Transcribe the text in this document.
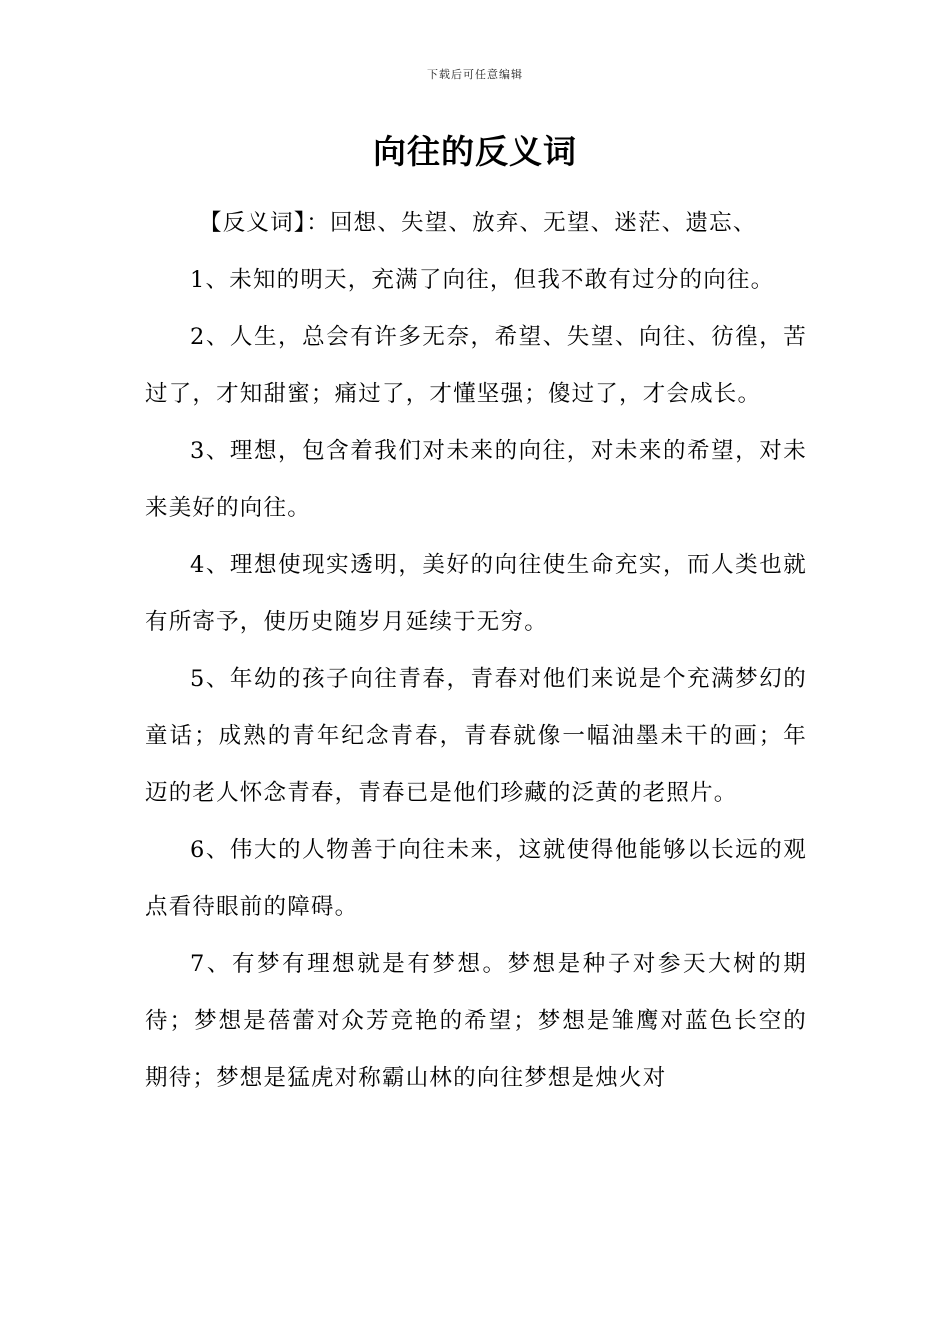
下载后可任意编辑
向往的反义词

【反义词】：回想、失望、放弃、无望、迷茫、遗忘、

1、未知的明天，充满了向往，但我不敢有过分的向往。

2、人生，总会有许多无奈，希望、失望、向往、彷徨，苦过了，才知甜蜜；痛过了，才懂坚强；傻过了，才会成长。

3、理想，包含着我们对未来的向往，对未来的希望，对未来美好的向往。

4、理想使现实透明，美好的向往使生命充实，而人类也就有所寄予，使历史随岁月延续于无穷。

5、年幼的孩子向往青春，青春对他们来说是个充满梦幻的童话；成熟的青年纪念青春，青春就像一幅油墨未干的画；年迈的老人怀念青春，青春已是他们珍藏的泛黄的老照片。

6、伟大的人物善于向往未来，这就使得他能够以长远的观点看待眼前的障碍。

7、有梦有理想就是有梦想。梦想是种子对参天大树的期待；梦想是蓓蕾对众芳竞艳的希望；梦想是雏鹰对蓝色长空的期待；梦想是猛虎对称霸山林的向往梦想是烛火对
